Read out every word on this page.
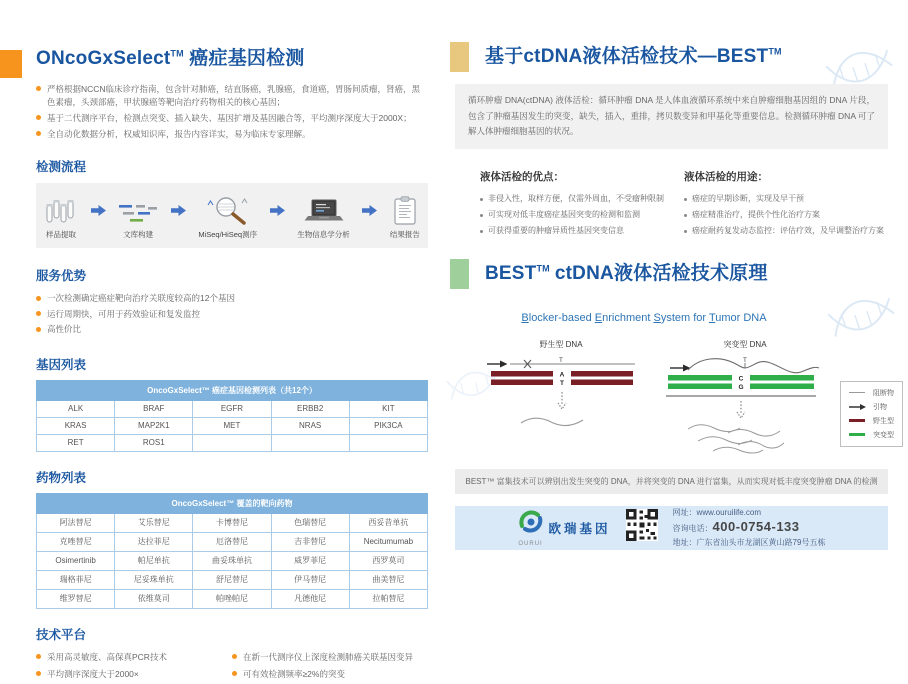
ONcoGxSelect™ 癌症基因检测
严格根据NCCN临床诊疗指南，包含针对肺癌，结直肠癌，乳腺癌，食道癌，胃肠间质瘤，肾癌，黑色素瘤，头颈部癌，甲状腺癌等靶向治疗药物相关的核心基因；
基于二代测序平台，检测点突变、插入缺失、基因扩增及基因融合等，平均测序深度大于2000X；
全自动化数据分析，权威知识库，报告内容详实，易为临床专家理解。
检测流程
样品提取	文库构建	MiSeq/HiSeq测序	生物信息学分析	结果报告
服务优势
一次检测确定癌症靶向治疗关联度较高的12个基因
运行周期快，可用于药效验证和复发监控
高性价比
基因列表
OncoGxSelect™ 癌症基因检测列表（共12个）				
ALK	BRAF	EGFR	ERBB2	KIT
KRAS	MAP2K1	MET	NRAS	PIK3CA
RET	ROS1			
药物列表
OncoGxSelect™ 覆盖的靶向药物				
阿法替尼	艾乐替尼	卡博替尼	色瑞替尼	西妥昔单抗
克唑替尼	达拉菲尼	厄洛替尼	吉非替尼	Necitumumab
Osimertinib	帕尼单抗	曲妥珠单抗	威罗菲尼	西罗莫司
瑞格菲尼	尼妥珠单抗	舒尼替尼	伊马替尼	曲美替尼
维罗替尼	依维莫司	帕唑帕尼	凡德他尼	拉帕替尼
技术平台
采用高灵敏度、高保真PCR技术
平均测序深度大于2000×
在新一代测序仪上深度检测肺癌关联基因变异
可有效检测频率≥2%的突变
基于ctDNA液体活检技术—BEST™
循环肿瘤 DNA(ctDNA) 液体活检：循环肿瘤 DNA 是人体血液循环系统中来自肿瘤细胞基因组的 DNA 片段，包含了肿瘤基因发生的突变，缺失，插入，重排，拷贝数变异和甲基化等重要信息。检测循环肿瘤 DNA 可了解人体肿瘤细胞基因的状况。
液体活检的优点：
非侵入性，取样方便，仅需外周血，不受瘤种限制
可实现对低丰度癌症基因突变的检测和监测
可获得重要的肿瘤异质性基因突变信息
液体活检的用途：
癌症的早期诊断，实现及早干预
癌症精准治疗，提供个性化治疗方案
癌症耐药复发动态监控：评估疗效，及早调整治疗方案
BEST™ ctDNA液体活检技术原理
Blocker-based Enrichment System for Tumor DNA
野生型 DNA
T
A
T
突变型 DNA
T
C
G
阻断物
引物
野生型
突变型
BEST™ 富集技术可以辨别出发生突变的 DNA，并将突变的 DNA 进行富集，从而实现对低丰度突变肿瘤 DNA 的检测
OURUI
欧瑞基因
网址：www.ouruilife.com
咨询电话：400-0754-133
地址：广东省汕头市龙湖区黄山路79号五栋
